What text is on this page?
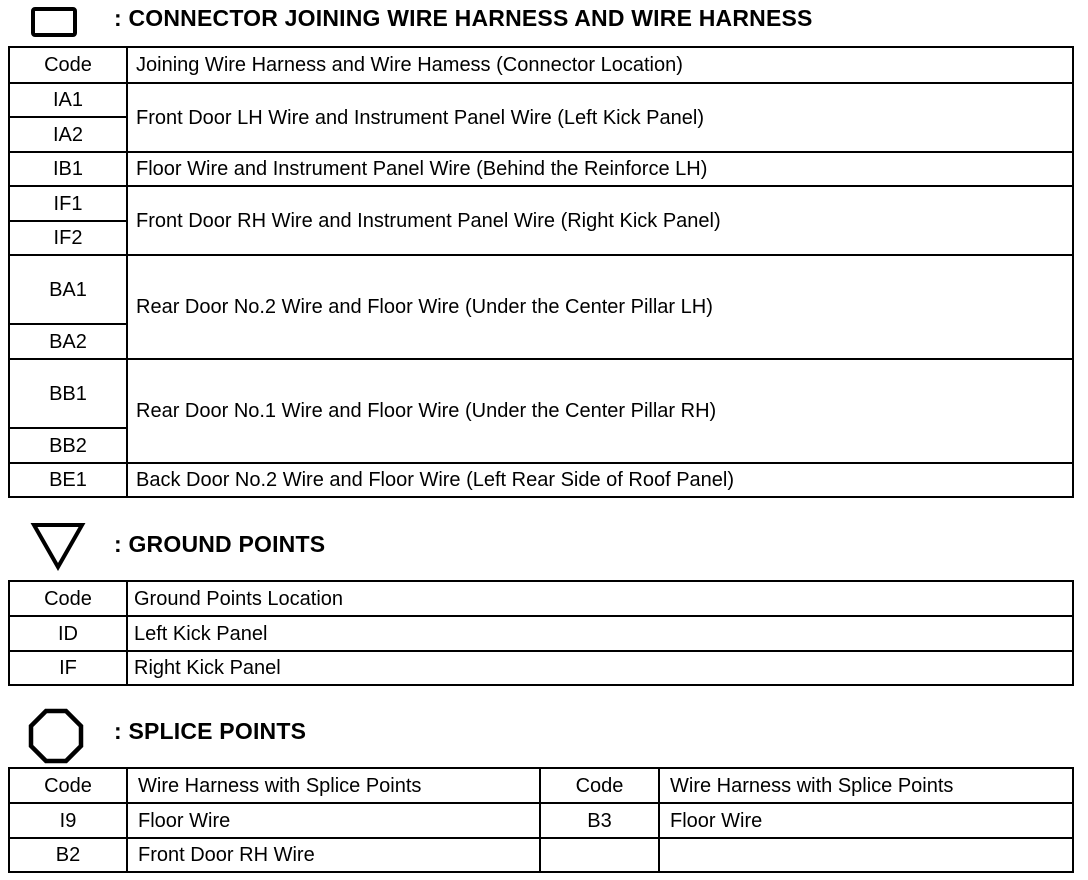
: CONNECTOR JOINING WIRE HARNESS AND WIRE HARNESS
Code	Joining Wire Harness and Wire Hamess (Connector Location)
IA1	Front Door LH Wire and Instrument Panel Wire (Left Kick Panel)
IA2	
IB1	Floor Wire and Instrument Panel Wire (Behind the Reinforce LH)
IF1	Front Door RH Wire and Instrument Panel Wire (Right Kick Panel)
IF2	
BA1	Rear Door No.2 Wire and Floor Wire (Under the Center Pillar LH)
BA2	
BB1	Rear Door No.1 Wire and Floor Wire (Under the Center Pillar RH)
BB2	
BE1	Back Door No.2 Wire and Floor Wire (Left Rear Side of Roof Panel)
: GROUND POINTS
Code	Ground Points Location
ID	Left Kick Panel
IF	Right Kick Panel
: SPLICE POINTS
Code	Wire Harness with Splice Points	Code	Wire Harness with Splice Points
I9	Floor Wire	B3	Floor Wire
B2	Front Door RH Wire		
